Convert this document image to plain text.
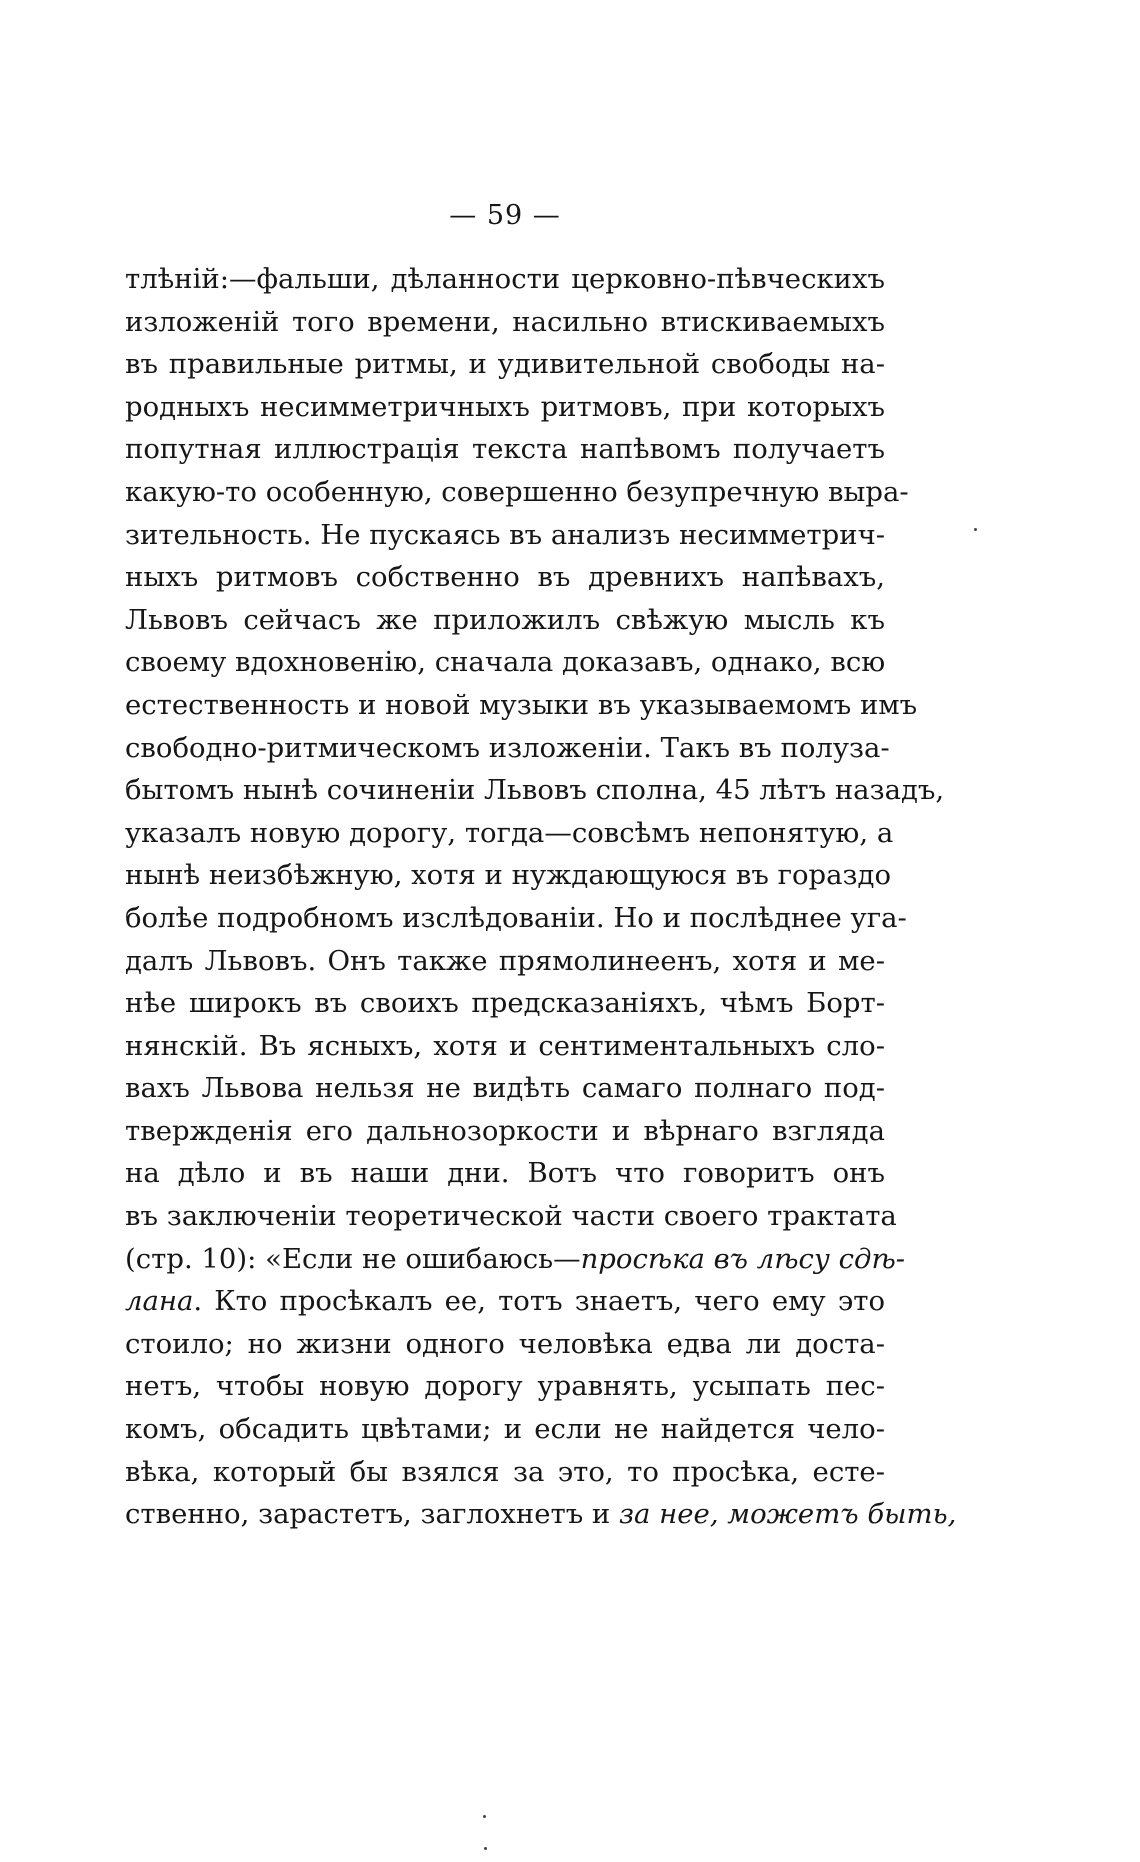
— 59 —
тлѣній:—фальши, дѣланности церковно-пѣвческихъ
изложеній того времени, насильно втискиваемыхъ
въ правильные ритмы, и удивительной свободы на-
родныхъ несимметричныхъ ритмовъ, при которыхъ
попутная иллюстрація текста напѣвомъ получаетъ
какую-то особенную, совершенно безупречную выра-
зительность. Не пускаясь въ анализъ несимметрич-
ныхъ ритмовъ собственно въ древнихъ напѣвахъ,
Львовъ сейчасъ же приложилъ свѣжую мысль къ
своему вдохновенію, сначала доказавъ, однако, всю
естественность и новой музыки въ указываемомъ имъ
свободно-ритмическомъ изложеніи. Такъ въ полуза-
бытомъ нынѣ сочиненіи Львовъ сполна, 45 лѣтъ назадъ,
указалъ новую дорогу, тогда—совсѣмъ непонятую, а
нынѣ неизбѣжную, хотя и нуждающуюся въ гораздо
болѣе подробномъ изслѣдованіи. Но и послѣднее уга-
далъ Львовъ. Онъ также прямолинеенъ, хотя и ме-
нѣе широкъ въ своихъ предсказаніяхъ, чѣмъ Борт-
нянскій. Въ ясныхъ, хотя и сентиментальныхъ сло-
вахъ Львова нельзя не видѣть самаго полнаго под-
твержденія его дальнозоркости и вѣрнаго взгляда
на дѣло и въ наши дни. Вотъ что говоритъ онъ
въ заключеніи теоретической части своего трактата
(стр. 10): «Если не ошибаюсь—просѣка въ лѣсу сдѣ-
лана. Кто просѣкалъ ее, тотъ знаетъ, чего ему это
стоило; но жизни одного человѣка едва ли доста-
нетъ, чтобы новую дорогу уравнять, усыпать пес-
комъ, обсадить цвѣтами; и если не найдется чело-
вѣка, который бы взялся за это, то просѣка, есте-
ственно, зарастетъ, заглохнетъ и за нее, можетъ быть,
